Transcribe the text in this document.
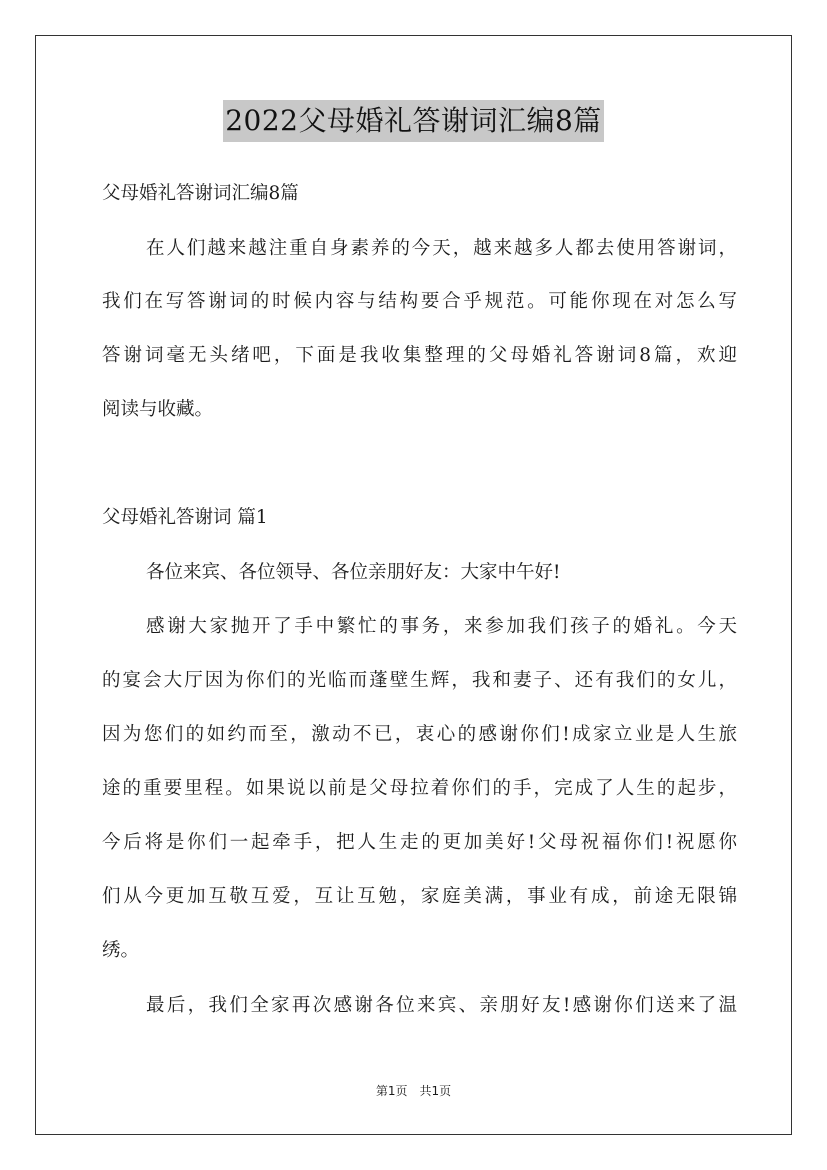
2022父母婚礼答谢词汇编8篇
父母婚礼答谢词汇编8篇
在人们越来越注重自身素养的今天，越来越多人都去使用答谢词，
我们在写答谢词的时候内容与结构要合乎规范。可能你现在对怎么写
答谢词毫无头绪吧，下面是我收集整理的父母婚礼答谢词8篇，欢迎
阅读与收藏。
父母婚礼答谢词 篇1
各位来宾、各位领导、各位亲朋好友：大家中午好!
感谢大家抛开了手中繁忙的事务，来参加我们孩子的婚礼。今天
的宴会大厅因为你们的光临而蓬壁生辉，我和妻子、还有我们的女儿，
因为您们的如约而至，激动不已，衷心的感谢你们!成家立业是人生旅
途的重要里程。如果说以前是父母拉着你们的手，完成了人生的起步，
今后将是你们一起牵手，把人生走的更加美好!父母祝福你们!祝愿你
们从今更加互敬互爱，互让互勉，家庭美满，事业有成，前途无限锦
绣。
最后，我们全家再次感谢各位来宾、亲朋好友!感谢你们送来了温
第1页　共1页
